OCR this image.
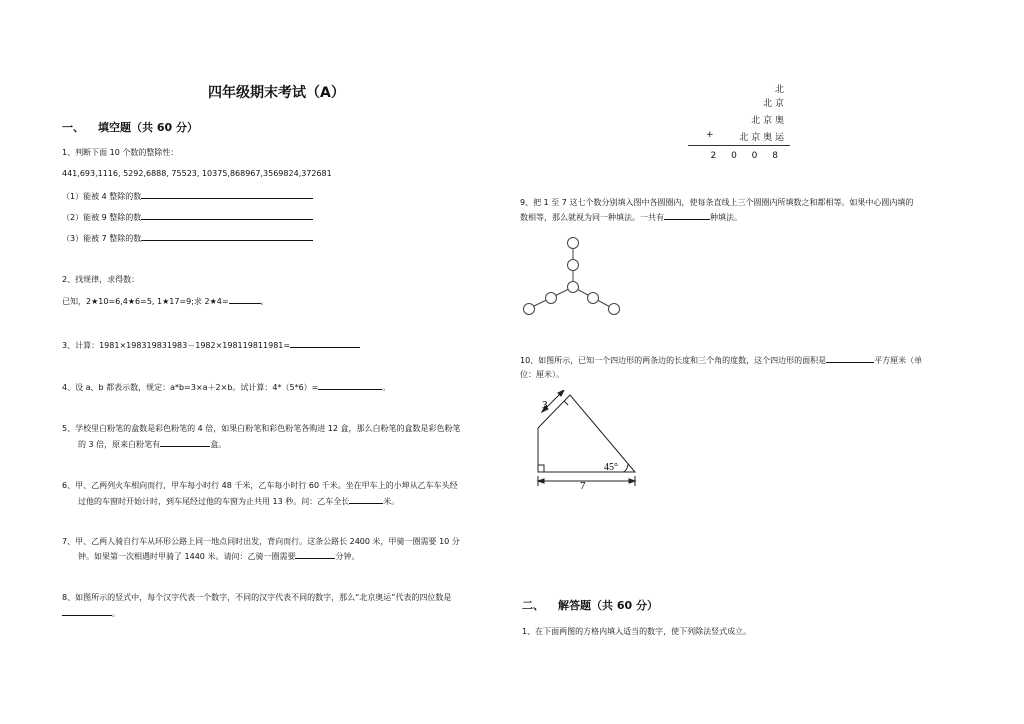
四年级期末考试（A）
一、 填空题（共 60 分）
1、判断下面 10 个数的整除性：
441,693,1116, 5292,6888, 75523, 10375,868967,3569824,372681
（1）能被 4 整除的数
（2）能被 9 整除的数
（3）能被 7 整除的数
2、找规律，求得数：
已知，2★10=6,4★6=5, 1★17=9;求 2★4=	。
3、计算：1981×198319831983－1982×198119811981=
4、设 a、b 都表示数，规定：a*b=3×a＋2×b。试计算：4*（5*6）=	。
5、学校里白粉笔的盒数是彩色粉笔的 4 倍，如果白粉笔和彩色粉笔各购进 12 盒，那么白粉笔的盒数是彩色粉笔
的 3 倍，原来白粉笔有	盒。
6、甲、乙两列火车相向而行，甲车每小时行 48 千米，乙车每小时行 60 千米。坐在甲车上的小坤从乙车车头经
过他的车窗时开始计时，到车尾经过他的车窗为止共用 13 秒。问：乙车全长	米。
7、甲、乙两人骑自行车从环形公路上同一地点同时出发，背向而行。这条公路长 2400 米，甲骑一圈需要 10 分
钟。如果第一次相遇时甲骑了 1440 米。请问：乙骑一圈需要	分钟。
8、如图所示的竖式中，每个汉字代表一个数字，不同的汉字代表不同的数字，那么“北京奥运”代表的四位数是
。
北
北 京
北 京 奥
+	北 京 奥 运
2 0 0 8
9、把 1 至 7 这七个数分别填入图中各圆圈内，使每条直线上三个圆圈内所填数之和都相等。如果中心圆内填的
数相等，那么就视为同一种填法。一共有	种填法。
10、如图所示，已知一个四边形的两条边的长度和三个角的度数，这个四边形的面积是	平方厘米（单
位：厘米）。
3
7
45°
二、 解答题（共 60 分）
1、在下面两图的方格内填入适当的数字，使下列除法竖式成立。
